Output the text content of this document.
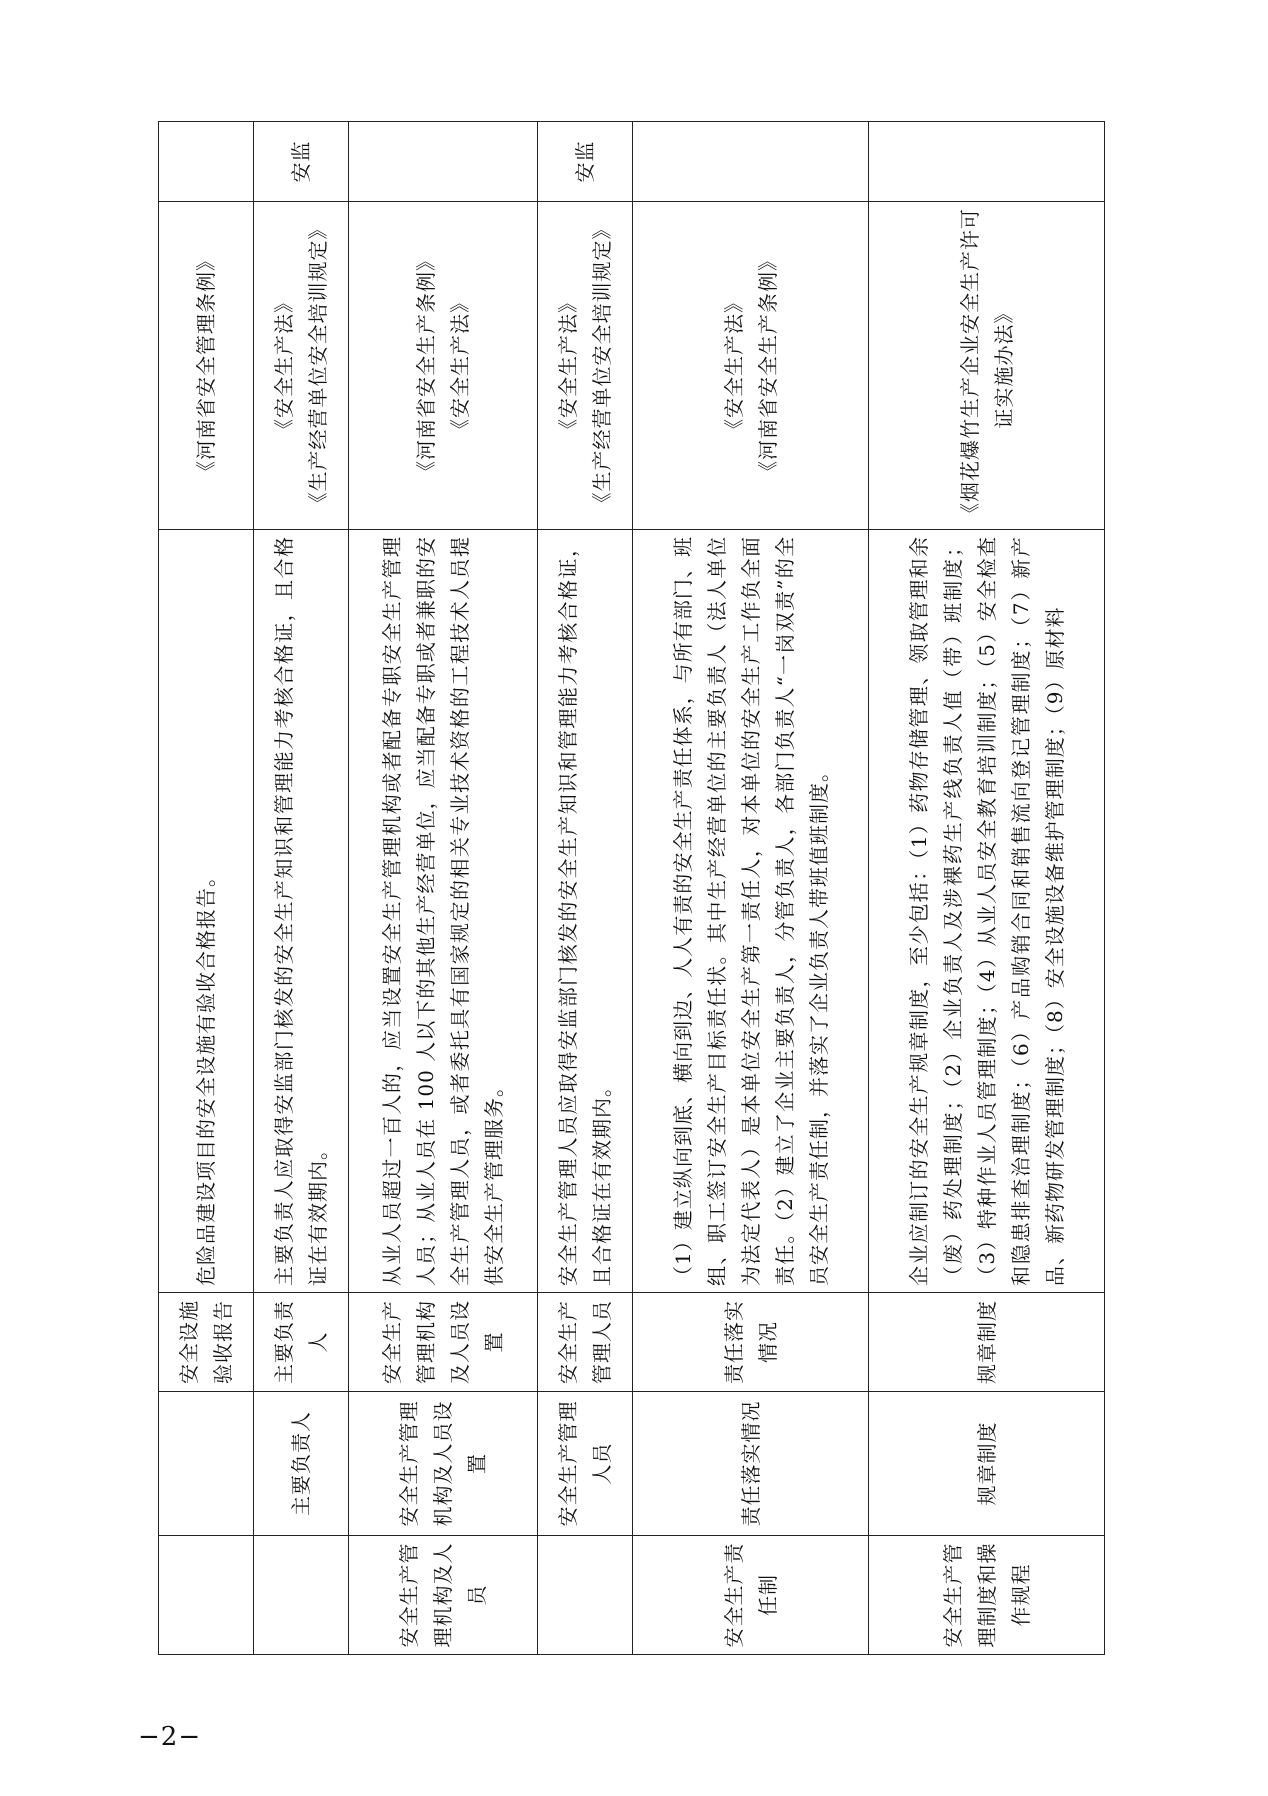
		安全设施验收报告	危险品建设项目的安全设施有验收合格报告。	《河南省安全管理条例》	

	主要负责人	主要负责人	主要负责人应取得安监部门核发的安全生产知识和管理能力考核合格证，且合格证在有效期内。	《安全生产法》 《生产经营单位安全培训规定》	安监
安全生产管理机构及人员	安全生产管理机构及人员设置	安全生产管理机构及人员设置	从业人员超过一百人的，应当设置安全生产管理机构或者配备专职安全生产管理人员；从业人员在 100 人以下的其他生产经营单位，应当配备专职或者兼职的安全生产管理人员，或者委托具有国家规定的相关专业技术资格的工程技术人员提供安全生产管理服务。	《河南省安全生产条例》 《安全生产法》	

	安全生产管理人员	安全生产管理人员	安全生产管理人员应取得安监部门核发的安全生产知识和管理能力考核合格证，且合格证在有效期内。	《安全生产法》 《生产经营单位安全培训规定》	安监
安全生产责任制	责任落实情况	责任落实情况	（1）建立纵向到底、横向到边、人人有责的安全生产责任体系，与所有部门、班组、职工签订安全生产目标责任状。其中生产经营单位的主要负责人（法人单位为法定代表人）是本单位安全生产第一责任人，对本单位的安全生产工作负全面责任。（2）建立了企业主要负责人，分管负责人，各部门负责人“一岗双责”的全员安全生产责任制，并落实了企业负责人带班值班制度。	《安全生产法》 《河南省安全生产条例》	

安全生产管理制度和操作规程	规章制度	规章制度	企业应制订的安全生产规章制度，至少包括：（1）药物存储管理、领取管理和余（废）药处理制度；（2）企业负责人及涉裸药生产线负责人值（带）班制度；（3）特种作业人员管理制度；（4）从业人员安全教育培训制度；（5）安全检查和隐患排查治理制度；（6）产品购销合同和销售流向登记管理制度；（7）新产品、新药物研发管理制度；（8）安全设施设备维护管理制度；（9）原材料	《烟花爆竹生产企业安全生产许可证实施办法》	

−2−
